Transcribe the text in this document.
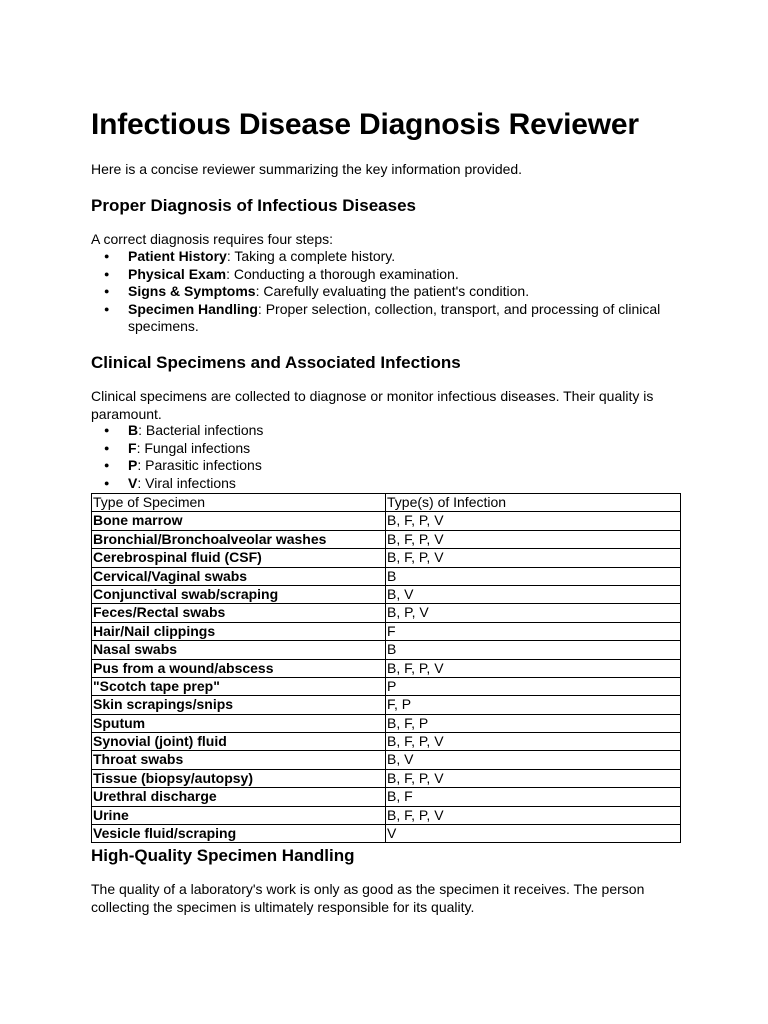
Infectious Disease Diagnosis Reviewer

Here is a concise reviewer summarizing the key information provided.

Proper Diagnosis of Infectious Diseases

A correct diagnosis requires four steps:

● Patient History: Taking a complete history.
● Physical Exam: Conducting a thorough examination.
● Signs & Symptoms: Carefully evaluating the patient's condition.
● Specimen Handling: Proper selection, collection, transport, and processing of clinical specimens.
Clinical Specimens and Associated Infections

Clinical specimens are collected to diagnose or monitor infectious diseases. Their quality is paramount.

● B: Bacterial infections
● F: Fungal infections
● P: Parasitic infections
● V: Viral infections
Type of Specimen	Type(s) of Infection
Bone marrow	B, F, P, V
Bronchial/Bronchoalveolar washes	B, F, P, V
Cerebrospinal fluid (CSF)	B, F, P, V
Cervical/Vaginal swabs	B
Conjunctival swab/scraping	B, V
Feces/Rectal swabs	B, P, V
Hair/Nail clippings	F
Nasal swabs	B
Pus from a wound/abscess	B, F, P, V
"Scotch tape prep"	P
Skin scrapings/snips	F, P
Sputum	B, F, P
Synovial (joint) fluid	B, F, P, V
Throat swabs	B, V
Tissue (biopsy/autopsy)	B, F, P, V
Urethral discharge	B, F
Urine	B, F, P, V
Vesicle fluid/scraping	V
High-Quality Specimen Handling

The quality of a laboratory's work is only as good as the specimen it receives. The person collecting the specimen is ultimately responsible for its quality.
